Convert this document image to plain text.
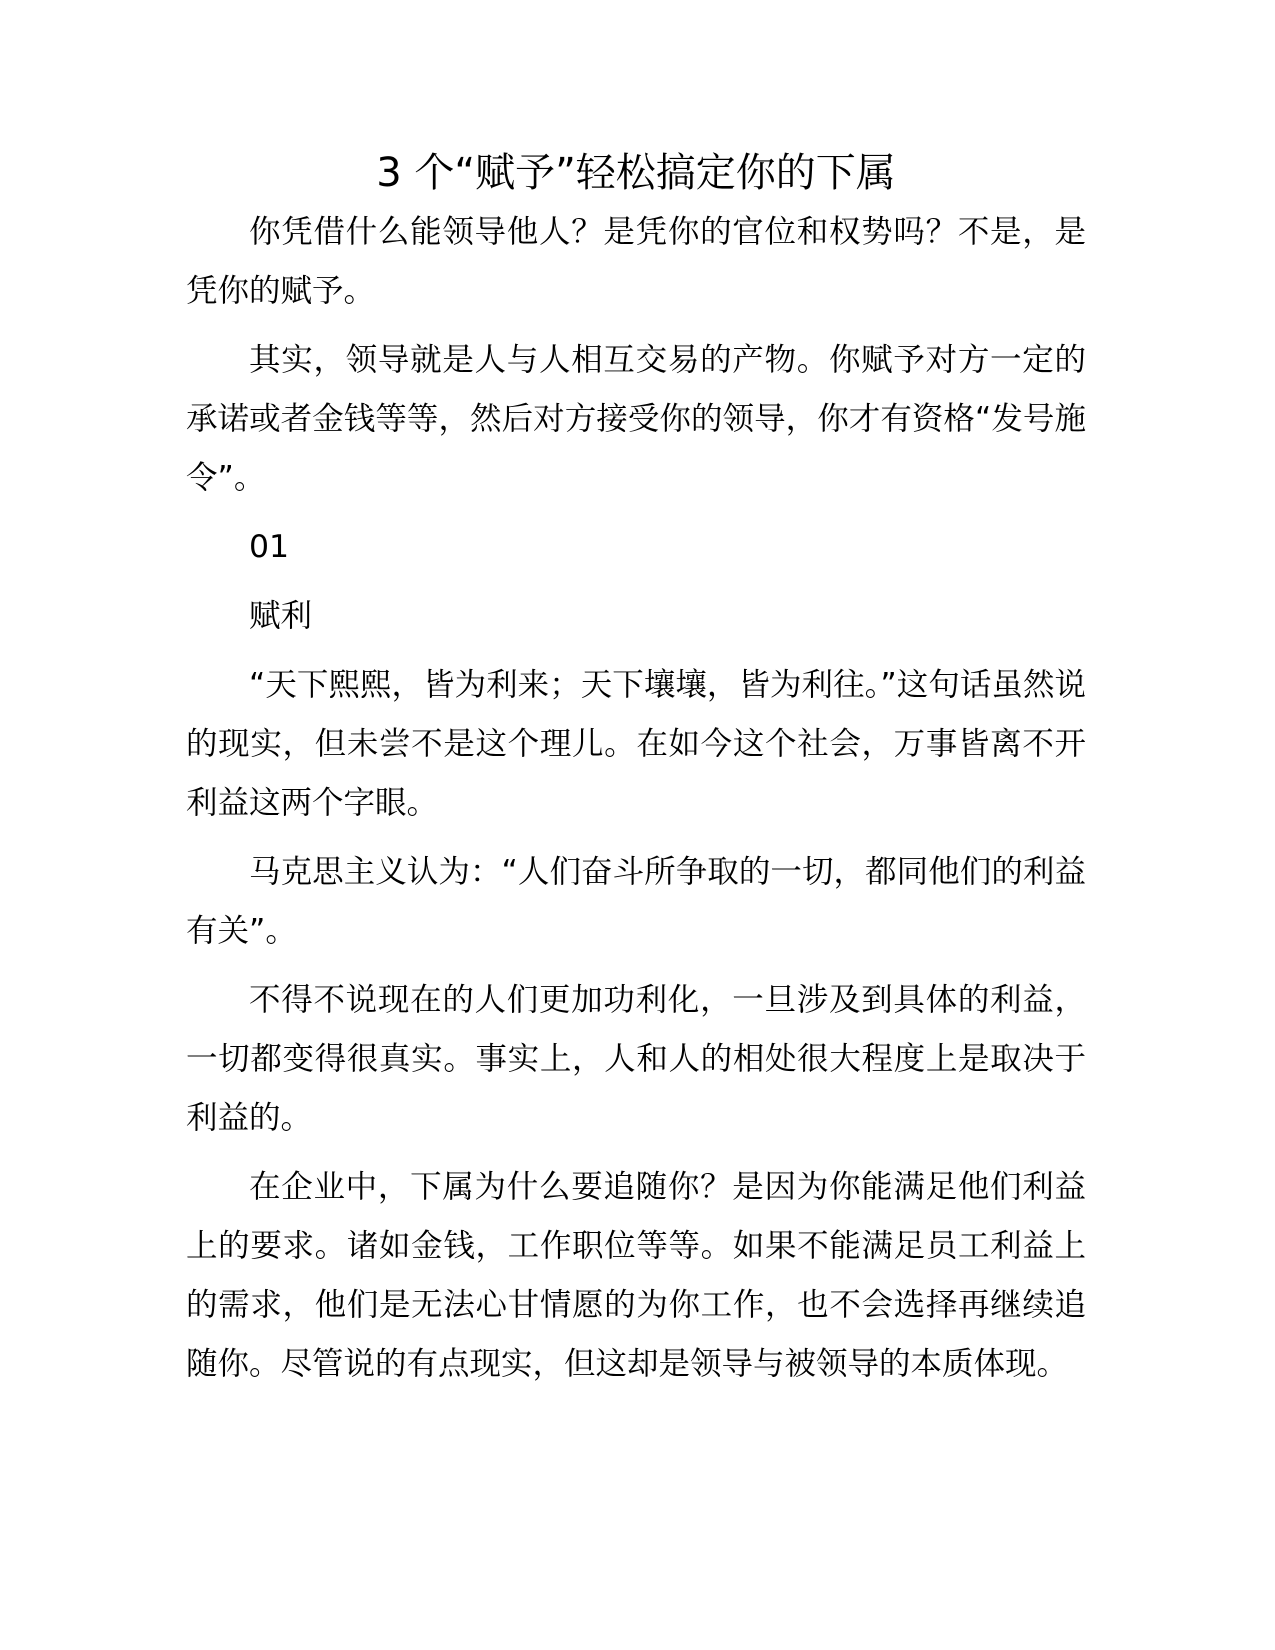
3 个“赋予”轻松搞定你的下属

你凭借什么能领导他人？是凭你的官位和权势吗？不是，是凭你的赋予。

其实，领导就是人与人相互交易的产物。你赋予对方一定的承诺或者金钱等等，然后对方接受你的领导，你才有资格“发号施令”。

01

赋利

“天下熙熙，皆为利来；天下壤壤，皆为利往。”这句话虽然说的现实，但未尝不是这个理儿。在如今这个社会，万事皆离不开利益这两个字眼。

马克思主义认为：“人们奋斗所争取的一切，都同他们的利益有关”。

不得不说现在的人们更加功利化，一旦涉及到具体的利益，一切都变得很真实。事实上，人和人的相处很大程度上是取决于利益的。

在企业中，下属为什么要追随你？是因为你能满足他们利益上的要求。诸如金钱，工作职位等等。如果不能满足员工利益上的需求，他们是无法心甘情愿的为你工作，也不会选择再继续追随你。尽管说的有点现实，但这却是领导与被领导的本质体现。
